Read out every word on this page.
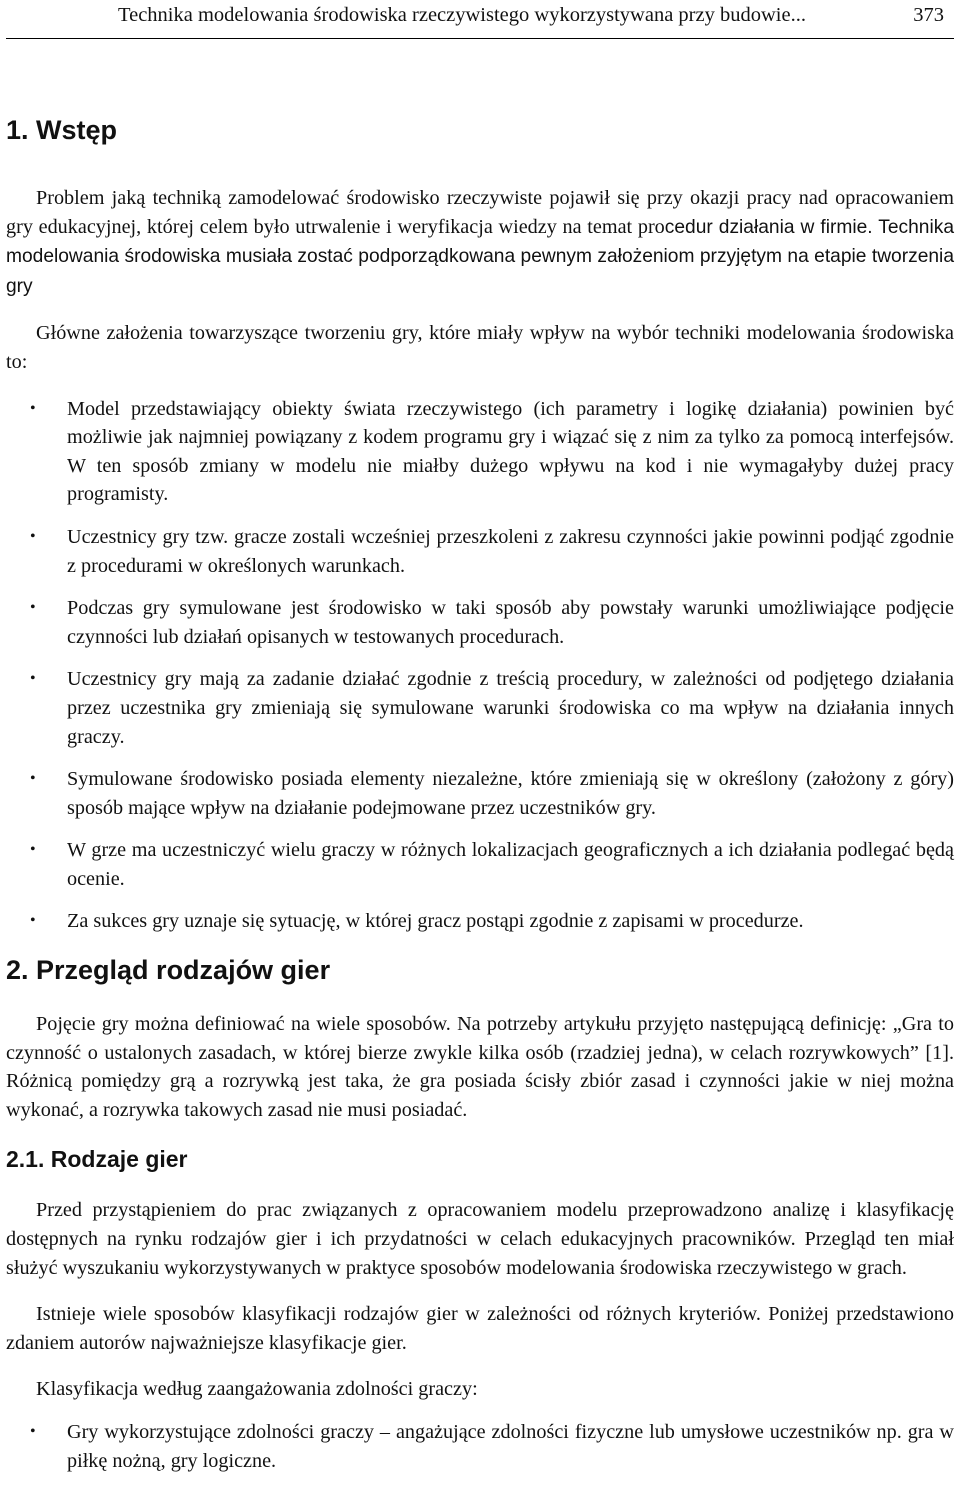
Technika modelowania środowiska rzeczywistego wykorzystywana przy budowie...	373
1. Wstęp

Problem jaką techniką zamodelować środowisko rzeczywiste pojawił się przy okazji pracy nad opracowaniem gry edukacyjnej, której celem było utrwalenie i weryfikacja wiedzy na temat procedur działania w firmie. Technika modelowania środowiska musiała zostać podporządkowana pewnym założeniom przyjętym na etapie tworzenia gry

Główne założenia towarzyszące tworzeniu gry, które miały wpływ na wybór techniki modelowania środowiska to:

• Model przedstawiający obiekty świata rzeczywistego (ich parametry i logikę działania) powinien być możliwie jak najmniej powiązany z kodem programu gry i wiązać się z nim za tylko za pomocą interfejsów. W ten sposób zmiany w modelu nie miałby dużego wpływu na kod i nie wymagałyby dużej pracy programisty.
• Uczestnicy gry tzw. gracze zostali wcześniej przeszkoleni z zakresu czynności jakie powinni podjąć zgodnie z procedurami w określonych warunkach.
• Podczas gry symulowane jest środowisko w taki sposób aby powstały warunki umożliwiające podjęcie czynności lub działań opisanych w testowanych procedurach.
• Uczestnicy gry mają za zadanie działać zgodnie z treścią procedury, w zależności od podjętego działania przez uczestnika gry zmieniają się symulowane warunki środowiska co ma wpływ na działania innych graczy.
• Symulowane środowisko posiada elementy niezależne, które zmieniają się w określony (założony z góry) sposób mające wpływ na działanie podejmowane przez uczestników gry.
• W grze ma uczestniczyć wielu graczy w różnych lokalizacjach geograficznych a ich działania podlegać będą ocenie.
• Za sukces gry uznaje się sytuację, w której gracz postąpi zgodnie z zapisami w procedurze.
2. Przegląd rodzajów gier

Pojęcie gry można definiować na wiele sposobów. Na potrzeby artykułu przyjęto następującą definicję: „Gra to czynność o ustalonych zasadach, w której bierze zwykle kilka osób (rzadziej jedna), w celach rozrywkowych” [1]. Różnicą pomiędzy grą a rozrywką jest taka, że gra posiada ścisły zbiór zasad i czynności jakie w niej można wykonać, a rozrywka takowych zasad nie musi posiadać.

2.1. Rodzaje gier

Przed przystąpieniem do prac związanych z opracowaniem modelu przeprowadzono analizę i klasyfikację dostępnych na rynku rodzajów gier i ich przydatności w celach edukacyjnych pracowników. Przegląd ten miał służyć wyszukaniu wykorzystywanych w praktyce sposobów modelowania środowiska rzeczywistego w grach.

Istnieje wiele sposobów klasyfikacji rodzajów gier w zależności od różnych kryteriów. Poniżej przedstawiono zdaniem autorów najważniejsze klasyfikacje gier.

Klasyfikacja według zaangażowania zdolności graczy:

• Gry wykorzystujące zdolności graczy – angażujące zdolności fizyczne lub umysłowe uczestników np. gra w piłkę nożną, gry logiczne.
